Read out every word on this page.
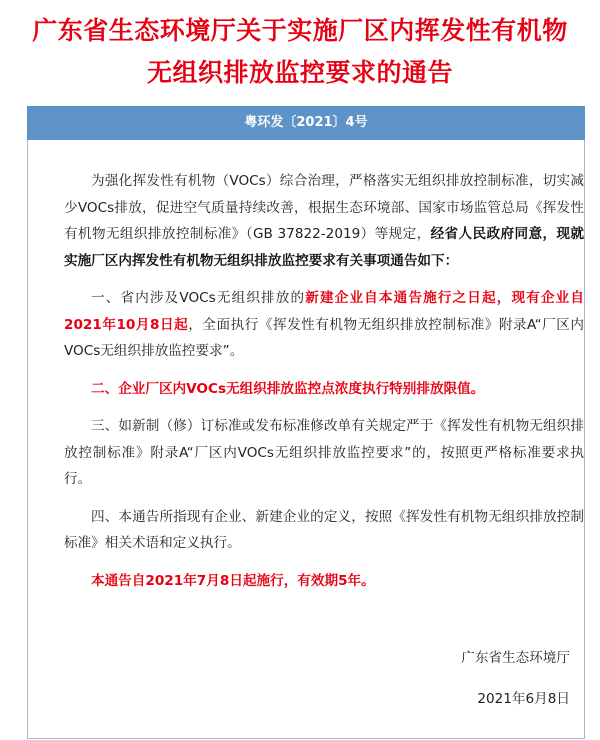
广东省生态环境厅关于实施厂区内挥发性有机物
无组织排放监控要求的通告
粤环发〔2021〕4号

为强化挥发性有机物（VOCs）综合治理，严格落实无组织排放控制标准，切实减少VOCs排放，促进空气质量持续改善，根据生态环境部、国家市场监管总局《挥发性有机物无组织排放控制标准》（GB 37822-2019）等规定，经省人民政府同意，现就实施厂区内挥发性有机物无组织排放监控要求有关事项通告如下：

一、省内涉及VOCs无组织排放的新建企业自本通告施行之日起，现有企业自2021年10月8日起，全面执行《挥发性有机物无组织排放控制标准》附录A“厂区内VOCs无组织排放监控要求”。

二、企业厂区内VOCs无组织排放监控点浓度执行特别排放限值。

三、如新制（修）订标准或发布标准修改单有关规定严于《挥发性有机物无组织排放控制标准》附录A“厂区内VOCs无组织排放监控要求”的，按照更严格标准要求执行。

四、本通告所指现有企业、新建企业的定义，按照《挥发性有机物无组织排放控制标准》相关术语和定义执行。

本通告自2021年7月8日起施行，有效期5年。

广东省生态环境厅
2021年6月8日
